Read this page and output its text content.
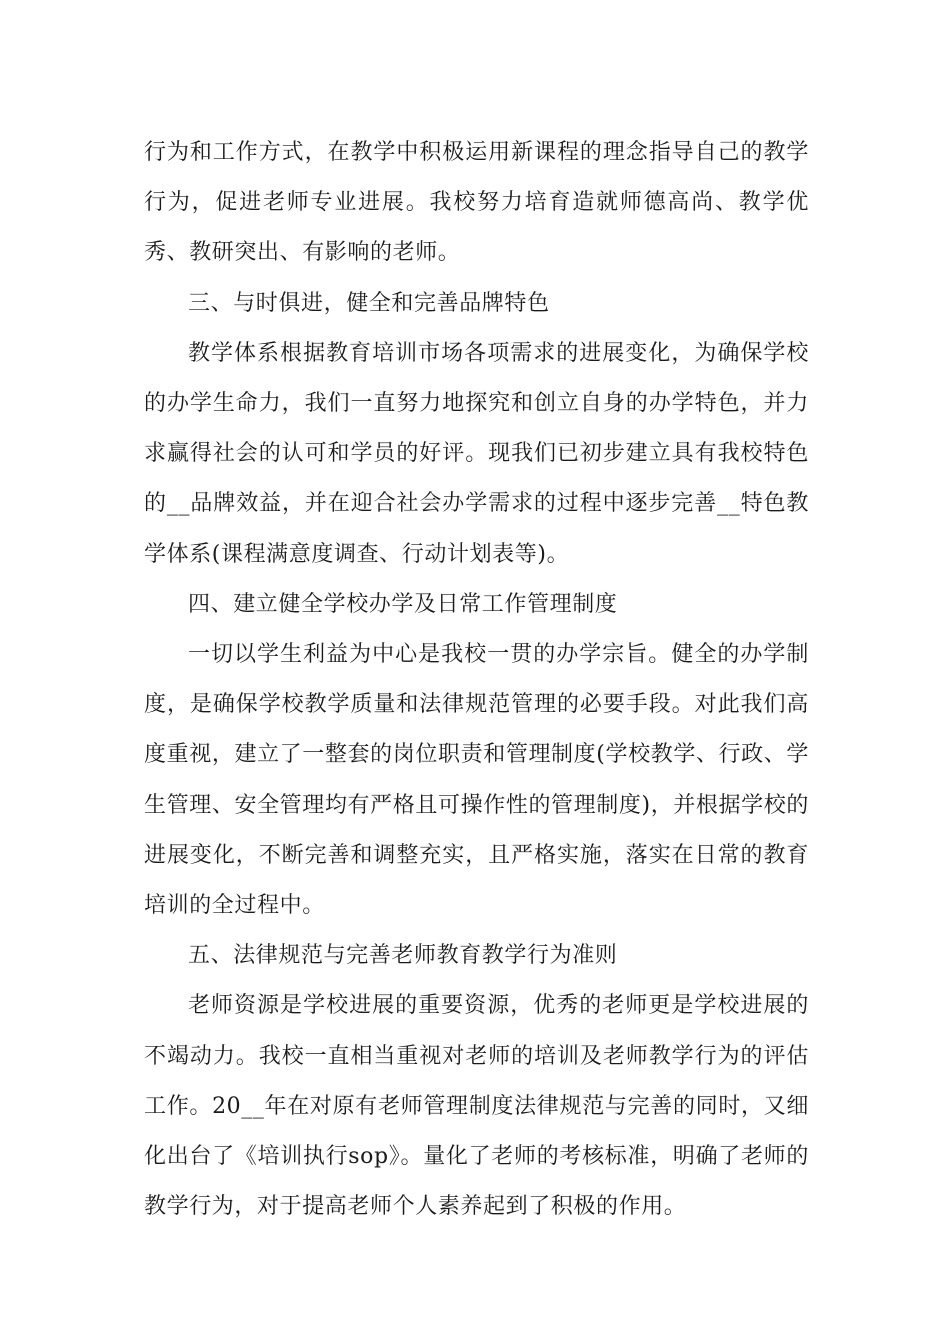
行为和工作方式，在教学中积极运用新课程的理念指导自己的教学行为，促进老师专业进展。我校努力培育造就师德高尚、教学优秀、教研突出、有影响的老师。

三、与时俱进，健全和完善品牌特色

教学体系根据教育培训市场各项需求的进展变化，为确保学校的办学生命力，我们一直努力地探究和创立自身的办学特色，并力求赢得社会的认可和学员的好评。现我们已初步建立具有我校特色的__品牌效益，并在迎合社会办学需求的过程中逐步完善__特色教学体系(课程满意度调查、行动计划表等)。

四、建立健全学校办学及日常工作管理制度

一切以学生利益为中心是我校一贯的办学宗旨。健全的办学制度，是确保学校教学质量和法律规范管理的必要手段。对此我们高度重视，建立了一整套的岗位职责和管理制度(学校教学、行政、学生管理、安全管理均有严格且可操作性的管理制度)，并根据学校的进展变化，不断完善和调整充实，且严格实施，落实在日常的教育培训的全过程中。

五、法律规范与完善老师教育教学行为准则

老师资源是学校进展的重要资源，优秀的老师更是学校进展的不竭动力。我校一直相当重视对老师的培训及老师教学行为的评估工作。20__年在对原有老师管理制度法律规范与完善的同时，又细化出台了《培训执行sop》。量化了老师的考核标准，明确了老师的教学行为，对于提高老师个人素养起到了积极的作用。
